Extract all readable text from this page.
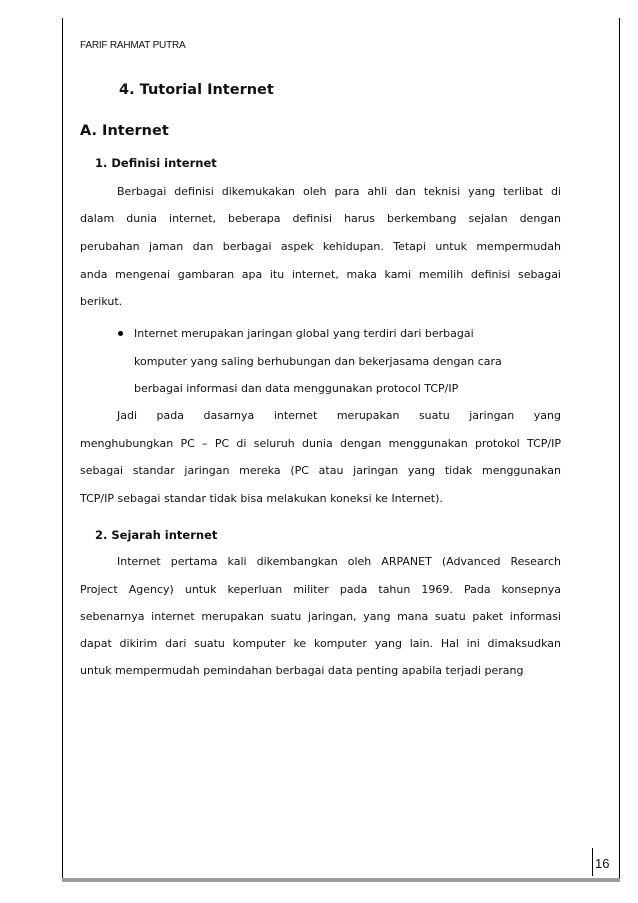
FARIF RAHMAT PUTRA
4. Tutorial Internet
A. Internet
1. Definisi internet
Berbagai definisi dikemukakan oleh para ahli dan teknisi yang terlibat di
dalam dunia internet, beberapa definisi harus berkembang sejalan dengan
perubahan jaman dan berbagai aspek kehidupan. Tetapi untuk mempermudah
anda mengenai gambaran apa itu internet, maka kami memilih definisi sebagai
berikut.
Internet merupakan jaringan global yang terdiri dari berbagai
komputer yang saling berhubungan dan bekerjasama dengan cara
berbagai informasi dan data menggunakan protocol TCP/IP
Jadi pada dasarnya internet merupakan suatu jaringan yang
menghubungkan PC – PC di seluruh dunia dengan menggunakan protokol TCP/IP
sebagai standar jaringan mereka (PC atau jaringan yang tidak menggunakan
TCP/IP sebagai standar tidak bisa melakukan koneksi ke Internet).
2. Sejarah internet
Internet pertama kali dikembangkan oleh ARPANET (Advanced Research
Project Agency) untuk keperluan militer pada tahun 1969. Pada konsepnya
sebenarnya internet merupakan suatu jaringan, yang mana suatu paket informasi
dapat dikirim dari suatu komputer ke komputer yang lain. Hal ini dimaksudkan
untuk mempermudah pemindahan berbagai data penting apabila terjadi perang
16
